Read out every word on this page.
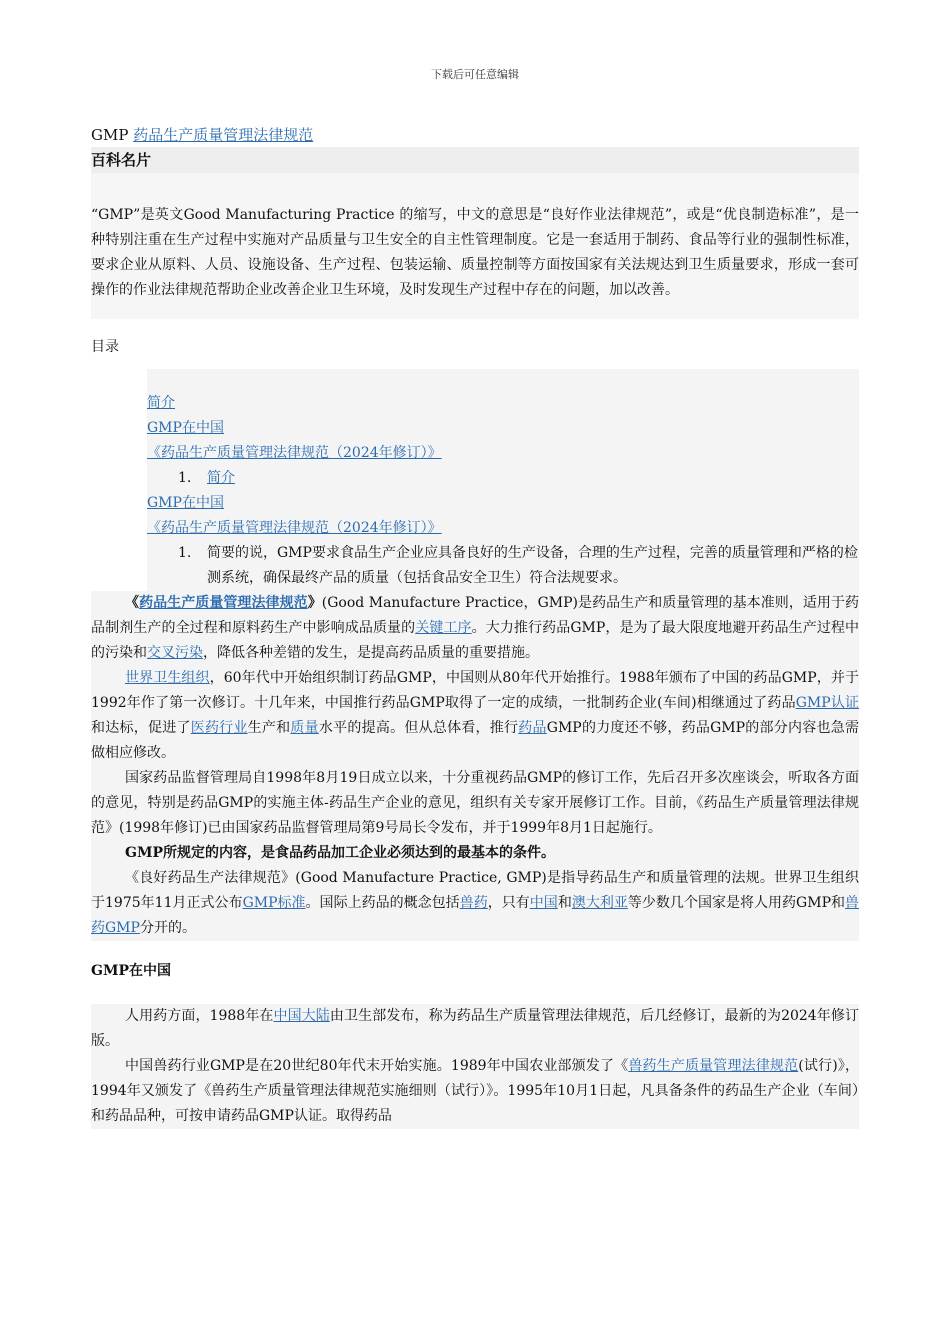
下载后可任意编辑
GMP 药品生产质量管理法律规范
百科名片
“GMP”是英文Good Manufacturing Practice 的缩写，中文的意思是“良好作业法律规范”，或是“优良制造标准”，是一种特别注重在生产过程中实施对产品质量与卫生安全的自主性管理制度。它是一套适用于制药、食品等行业的强制性标准，要求企业从原料、人员、设施设备、生产过程、包装运输、质量控制等方面按国家有关法规达到卫生质量要求，形成一套可操作的作业法律规范帮助企业改善企业卫生环境，及时发现生产过程中存在的问题，加以改善。
目录
简介
GMP在中国
《药品生产质量管理法律规范（2024年修订）》
1.	简介
GMP在中国
《药品生产质量管理法律规范（2024年修订）》
1.	简要的说，GMP要求食品生产企业应具备良好的生产设备，合理的生产过程，完善的质量管理和严格的检测系统，确保最终产品的质量（包括食品安全卫生）符合法规要求。

《药品生产质量管理法律规范》(Good Manufacture Practice，GMP)是药品生产和质量管理的基本准则，适用于药品制剂生产的全过程和原料药生产中影响成品质量的关键工序。大力推行药品GMP，是为了最大限度地避开药品生产过程中的污染和交叉污染，降低各种差错的发生，是提高药品质量的重要措施。

世界卫生组织，60年代中开始组织制订药品GMP，中国则从80年代开始推行。1988年颁布了中国的药品GMP，并于1992年作了第一次修订。十几年来，中国推行药品GMP取得了一定的成绩，一批制药企业(车间)相继通过了药品GMP认证和达标，促进了医药行业生产和质量水平的提高。但从总体看，推行药品GMP的力度还不够，药品GMP的部分内容也急需做相应修改。

国家药品监督管理局自1998年8月19日成立以来，十分重视药品GMP的修订工作，先后召开多次座谈会，听取各方面的意见，特别是药品GMP的实施主体-药品生产企业的意见，组织有关专家开展修订工作。目前，《药品生产质量管理法律规范》(1998年修订)已由国家药品监督管理局第9号局长令发布，并于1999年8月1日起施行。

GMP所规定的内容，是食品药品加工企业必须达到的最基本的条件。

《良好药品生产法律规范》(Good Manufacture Practice, GMP)是指导药品生产和质量管理的法规。世界卫生组织于1975年11月正式公布GMP标准。国际上药品的概念包括兽药，只有中国和澳大利亚等少数几个国家是将人用药GMP和兽药GMP分开的。

GMP在中国

人用药方面，1988年在中国大陆由卫生部发布，称为药品生产质量管理法律规范，后几经修订，最新的为2024年修订版。

中国兽药行业GMP是在20世纪80年代末开始实施。1989年中国农业部颁发了《兽药生产质量管理法律规范(试行)》，1994年又颁发了《兽药生产质量管理法律规范实施细则（试行）》。1995年10月1日起，凡具备条件的药品生产企业（车间）和药品品种，可按申请药品GMP认证。取得药品
